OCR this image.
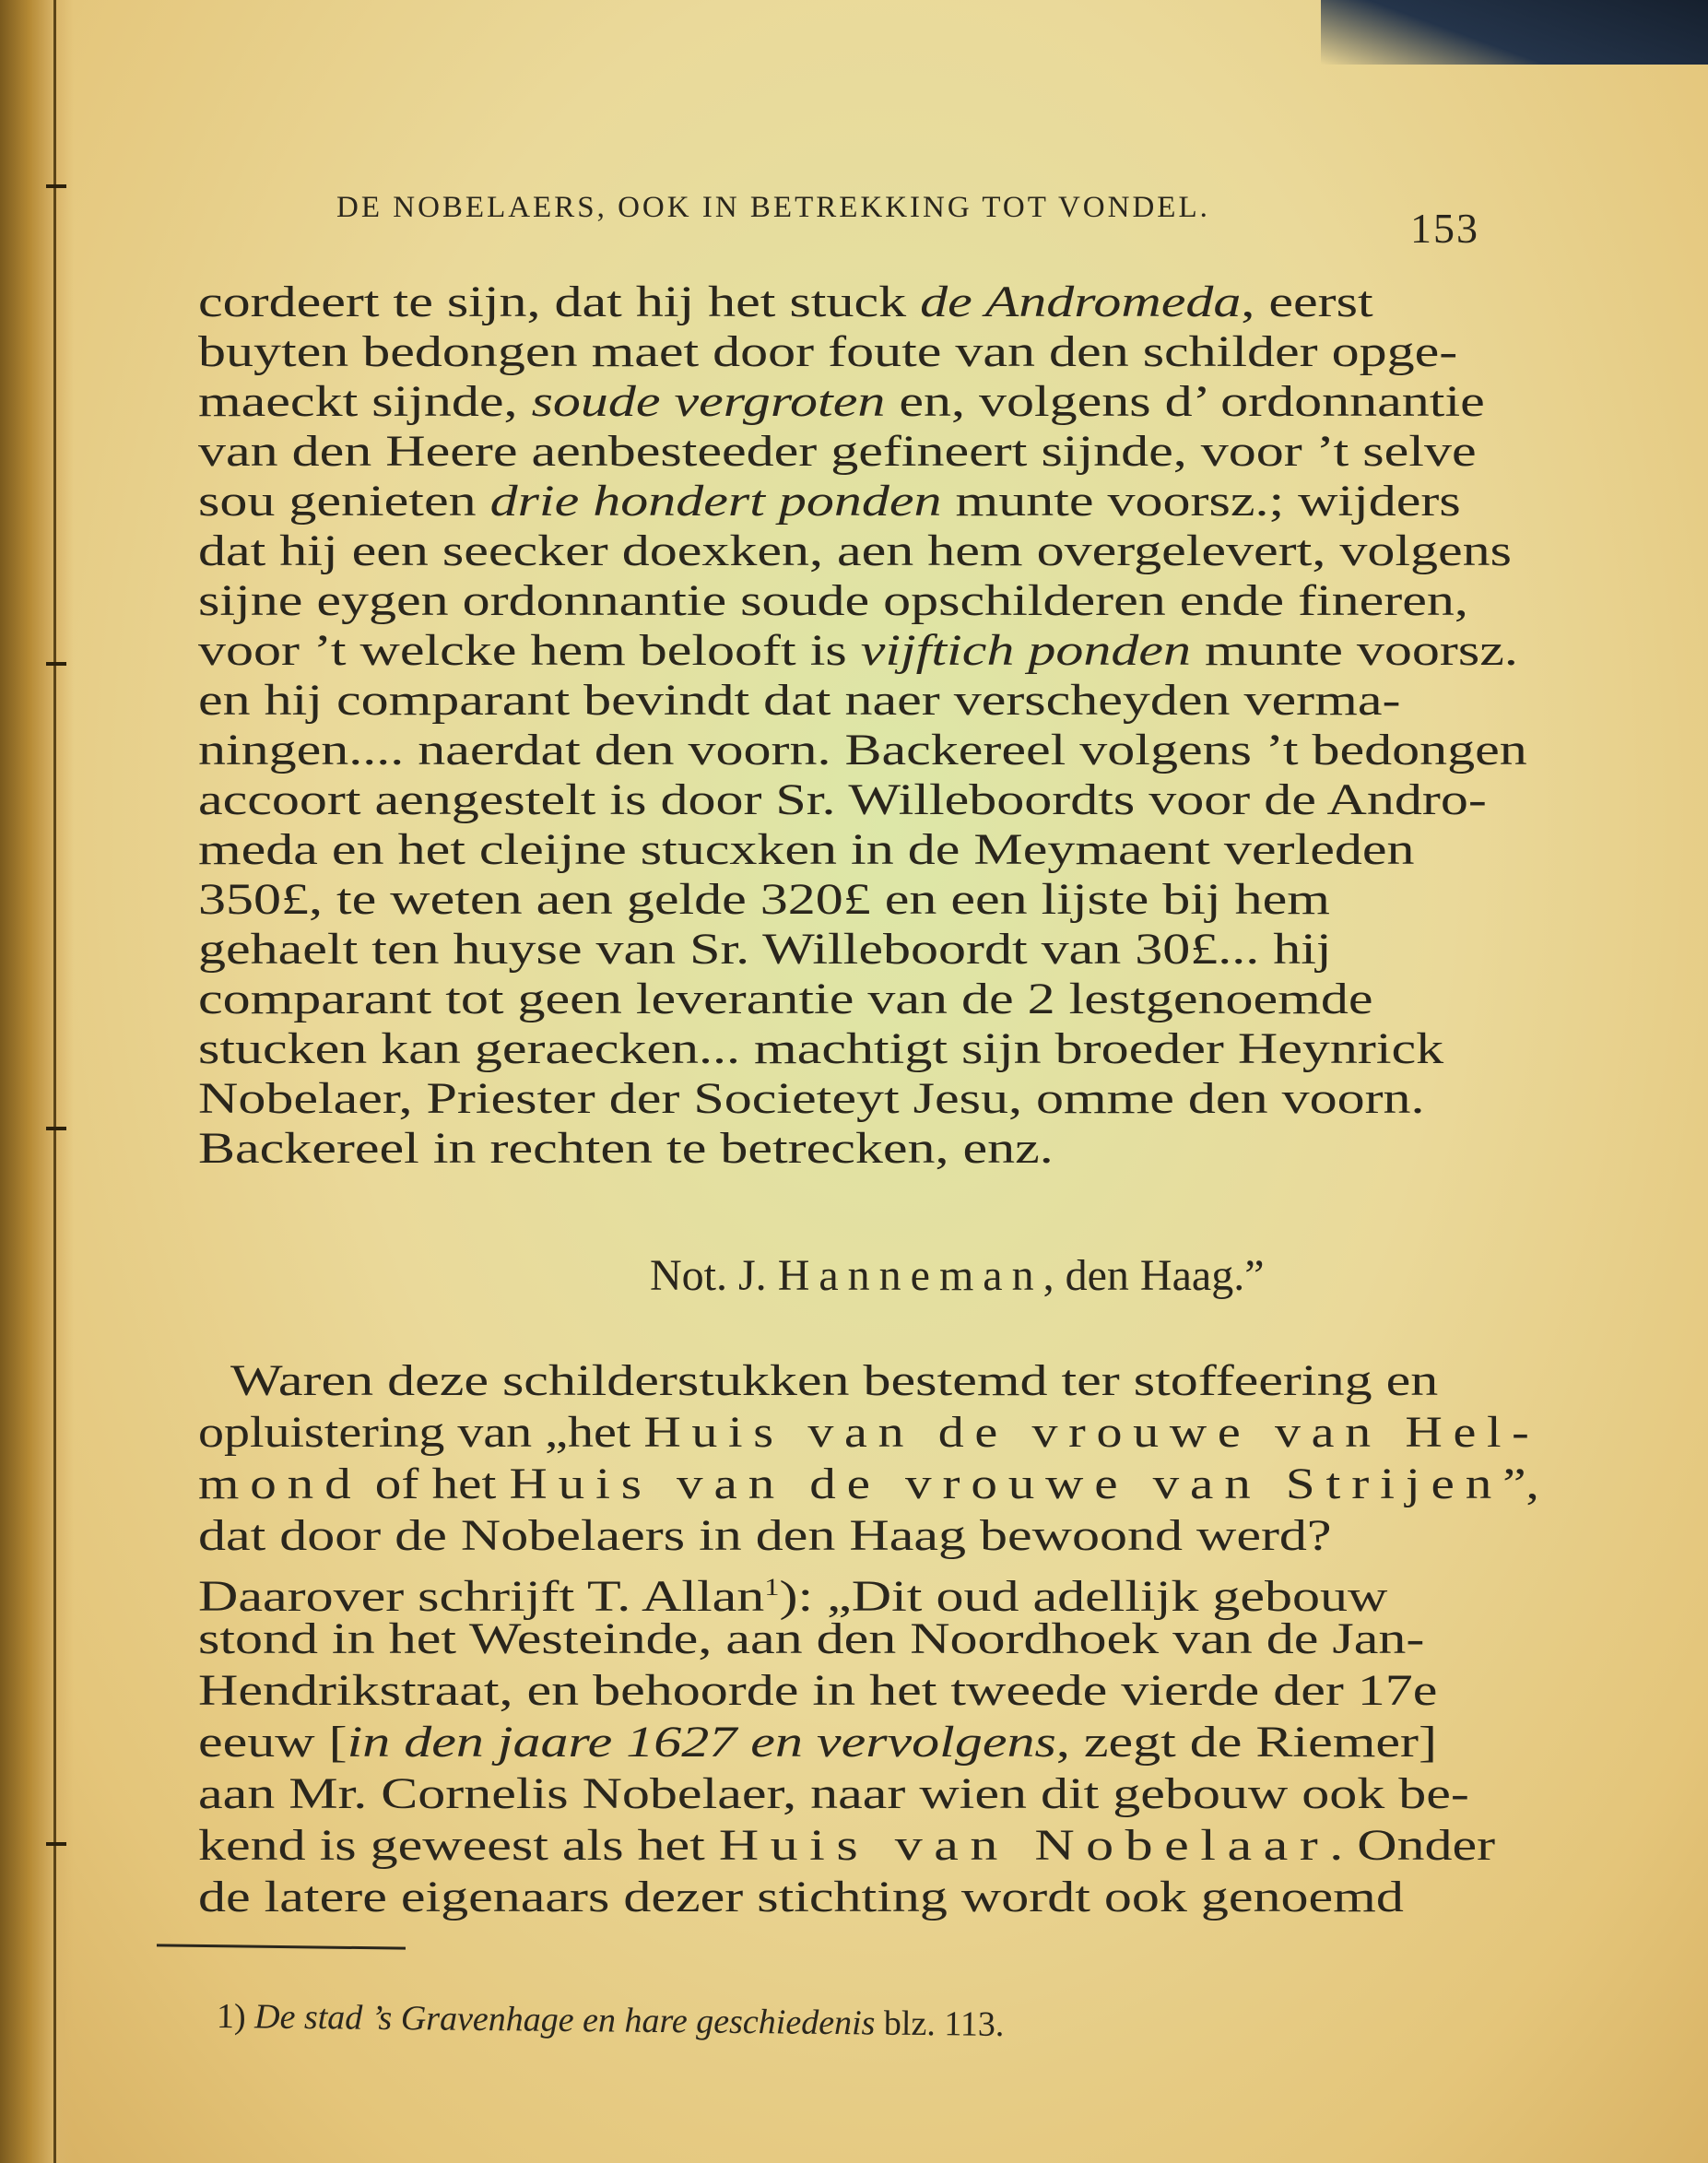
DE NOBELAERS, OOK IN BETREKKING TOT VONDEL.	153
cordeert te sijn, dat hij het stuck de Andromeda, eerst
buyten bedongen maet door foute van den schilder opge-
maeckt sijnde, soude vergroten en, volgens d’ ordonnantie
van den Heere aenbesteeder gefineert sijnde, voor ’t selve
sou genieten drie hondert ponden munte voorsz.; wijders
dat hij een seecker doexken, aen hem overgelevert, volgens
sijne eygen ordonnantie soude opschilderen ende fineren,
voor ’t welcke hem belooft is vijftich ponden munte voorsz.
en hij comparant bevindt dat naer verscheyden verma-
ningen.... naerdat den voorn. Backereel volgens ’t bedongen
accoort aengestelt is door Sr. Willeboordts voor de Andro-
meda en het cleijne stucxken in de Meymaent verleden
350£, te weten aen gelde 320£ en een lijste bij hem
gehaelt ten huyse van Sr. Willeboordt van 30£... hij
comparant tot geen leverantie van de 2 lestgenoemde
stucken kan geraecken... machtigt sijn broeder Heynrick
Nobelaer, Priester der Societeyt Jesu, omme den voorn.
Backereel in rechten te betrecken, enz.
Not. J. Hanneman, den Haag.”
Waren deze schilderstukken bestemd ter stoffeering en
opluistering van „het Huis van de vrouwe van Hel-
mond of het Huis van de vrouwe van Strijen”,
dat door de Nobelaers in den Haag bewoond werd?
Daarover schrijft T. Allan$^1$): „Dit oud adellijk gebouw
stond in het Westeinde, aan den Noordhoek van de Jan-
Hendrikstraat, en behoorde in het tweede vierde der 17e
eeuw [in den jaare 1627 en vervolgens, zegt de Riemer]
aan Mr. Cornelis Nobelaer, naar wien dit gebouw ook be-
kend is geweest als het Huis van Nobelaar. Onder
de latere eigenaars dezer stichting wordt ook genoemd
1) De stad ’s Gravenhage en hare geschiedenis blz. 113.
